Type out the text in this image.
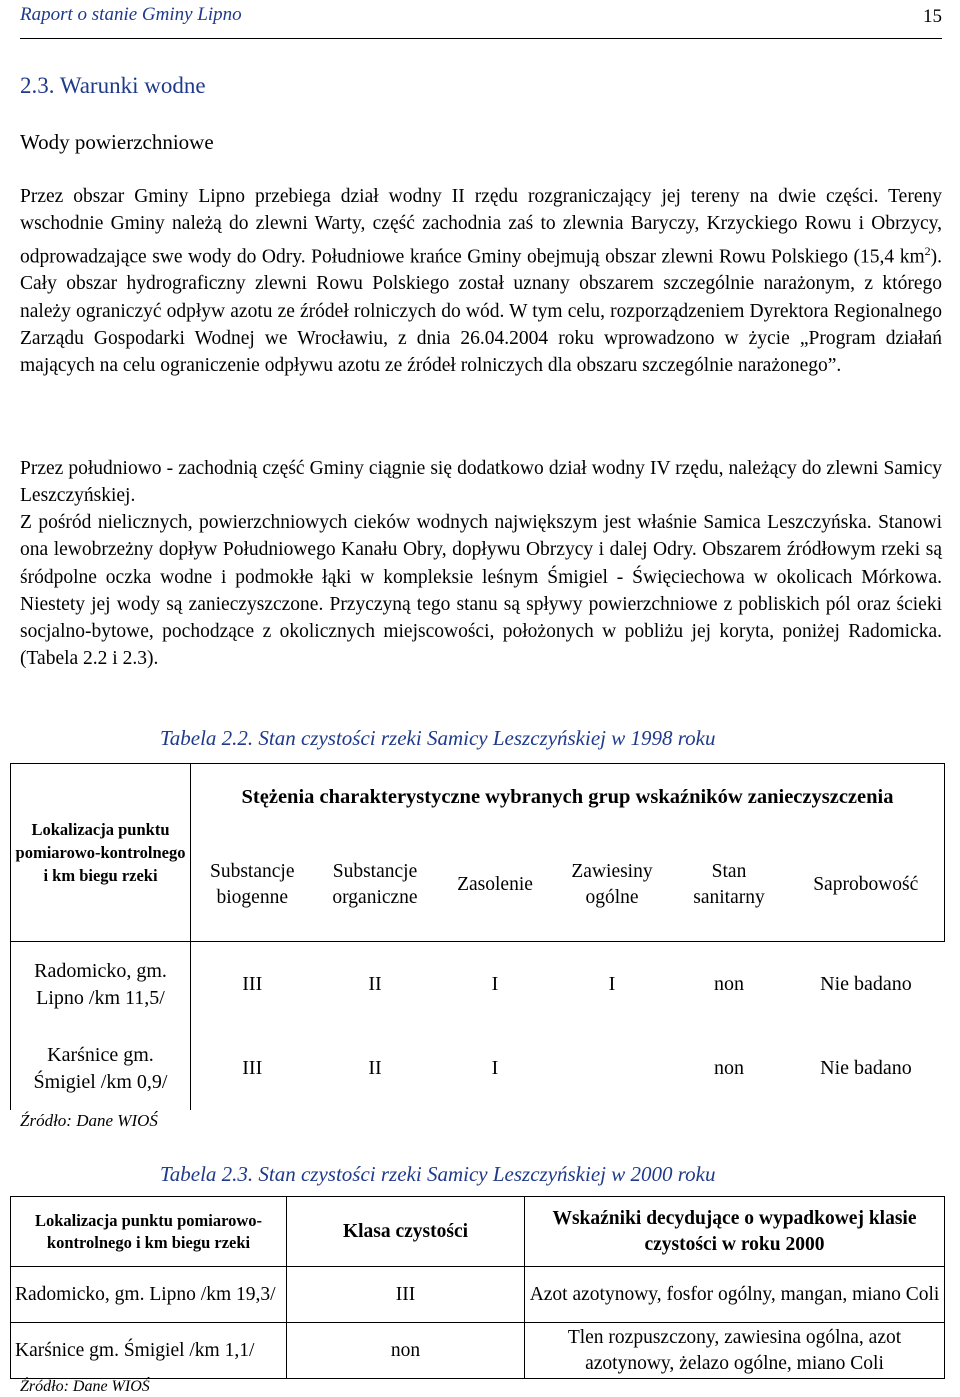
Raport o stanie Gminy Lipno	15
2.3. Warunki wodne
Wody powierzchniowe

Przez obszar Gminy Lipno przebiega dział wodny II rzędu rozgraniczający jej tereny na dwie części. Tereny wschodnie Gminy należą do zlewni Warty, część zachodnia zaś to zlewnia Baryczy, Krzyckiego Rowu i Obrzycy, odprowadzające swe wody do Odry. Południowe krańce Gminy obejmują obszar zlewni Rowu Polskiego (15,4 $km^2$). Cały obszar hydrograficzny zlewni Rowu Polskiego został uznany obszarem szczególnie narażonym, z którego należy ograniczyć odpływ azotu ze źródeł rolniczych do wód. W tym celu, rozporządzeniem Dyrektora Regionalnego Zarządu Gospodarki Wodnej we Wrocławiu, z dnia 26.04.2004 roku wprowadzono w życie „Program działań mających na celu ograniczenie odpływu azotu ze źródeł rolniczych dla obszaru szczególnie narażonego”.

Przez południowo - zachodnią część Gminy ciągnie się dodatkowo dział wodny IV rzędu, należący do zlewni Samicy Leszczyńskiej.

Z pośród nielicznych, powierzchniowych cieków wodnych największym jest właśnie Samica Leszczyńska. Stanowi ona lewobrzeżny dopływ Południowego Kanału Obry, dopływu Obrzycy i dalej Odry. Obszarem źródłowym rzeki są śródpolne oczka wodne i podmokłe łąki w kompleksie leśnym Śmigiel - Święciechowa w okolicach Mórkowa. Niestety jej wody są zanieczyszczone. Przyczyną tego stanu są spływy powierzchniowe z pobliskich pól oraz ścieki socjalno-bytowe, pochodzące z okolicznych miejscowości, położonych w pobliżu jej koryta, poniżej Radomicka.(Tabela 2.2 i 2.3).

Tabela 2.2. Stan czystości rzeki Samicy Leszczyńskiej w 1998 roku
Lokalizacja punktu pomiarowo-kontrolnego i km biegu rzeki	Stężenia charakterystyczne wybranych grup wskaźników zanieczyszczenia					
	Substancje biogenne	Substancje organiczne	Zasolenie	Zawiesiny ogólne	Stan sanitarny	Saprobowość
Radomicko, gm. Lipno /km 11,5/	III	II	I	I	non	Nie badano
Karśnice gm. Śmigiel /km 0,9/	III	II	I		non	Nie badano
Źródło: Dane WIOŚ
Tabela 2.3. Stan czystości rzeki Samicy Leszczyńskiej w 2000 roku
Lokalizacja punktu pomiarowo-kontrolnego i km biegu rzeki	Klasa czystości	Wskaźniki decydujące o wypadkowej klasie czystości w roku 2000
Radomicko, gm. Lipno /km 19,3/	III	Azot azotynowy, fosfor ogólny, mangan, miano Coli
Karśnice gm. Śmigiel /km 1,1/	non	Tlen rozpuszczony, zawiesina ogólna, azot azotynowy, żelazo ogólne, miano Coli
Źródło: Dane WIOŚ
